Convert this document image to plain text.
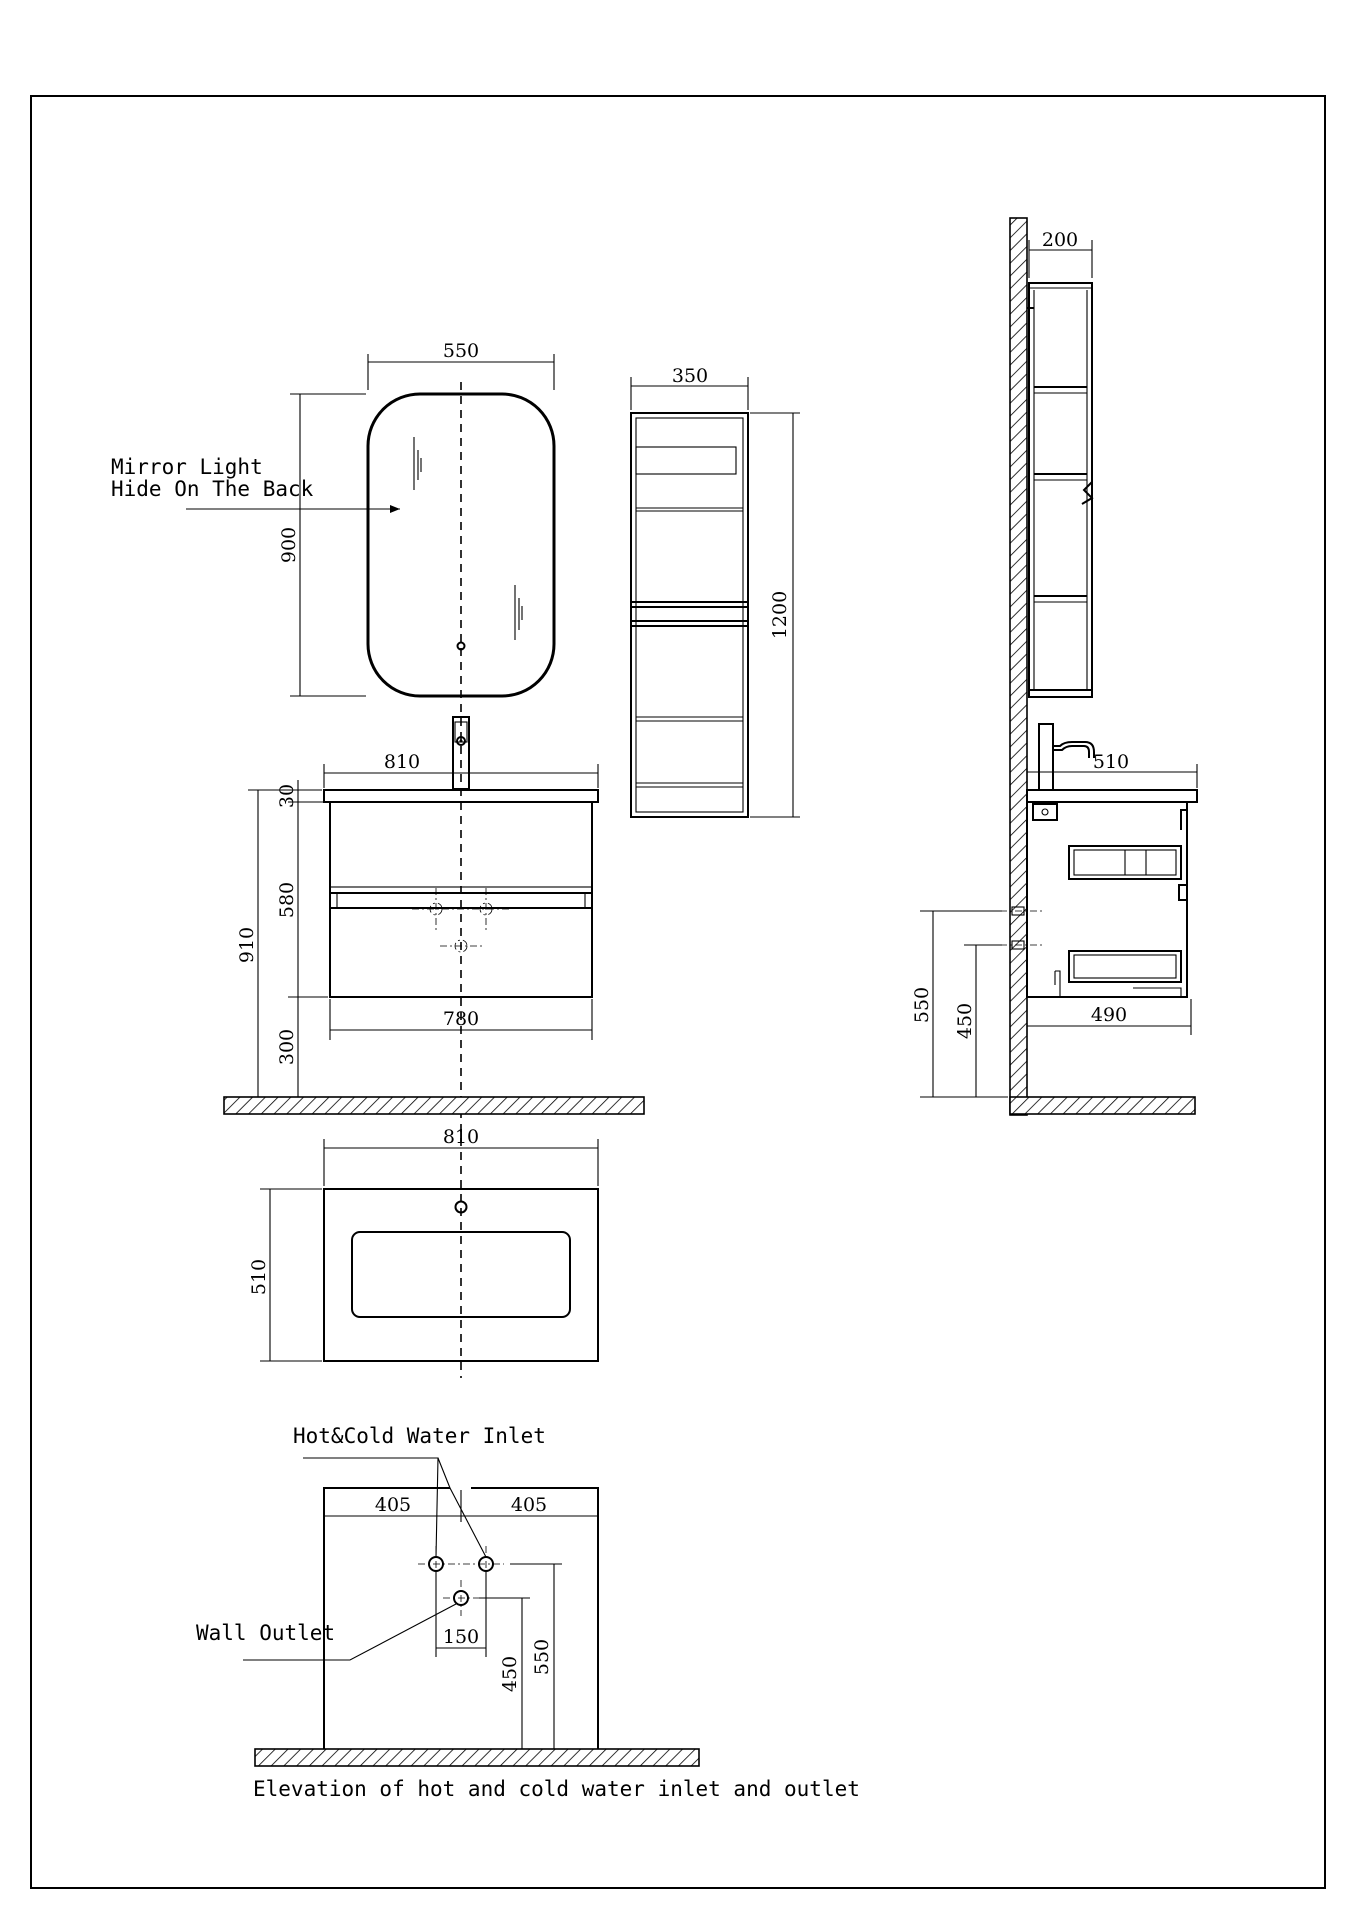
550
900
Mirror Light
Hide On The Back
350
1200
810
780
30
580
300
910
810
510
405	405
150
450 550
Hot&Cold Water Inlet
Wall Outlet
Elevation of hot and cold water inlet and outlet
200
510
490
550 450
